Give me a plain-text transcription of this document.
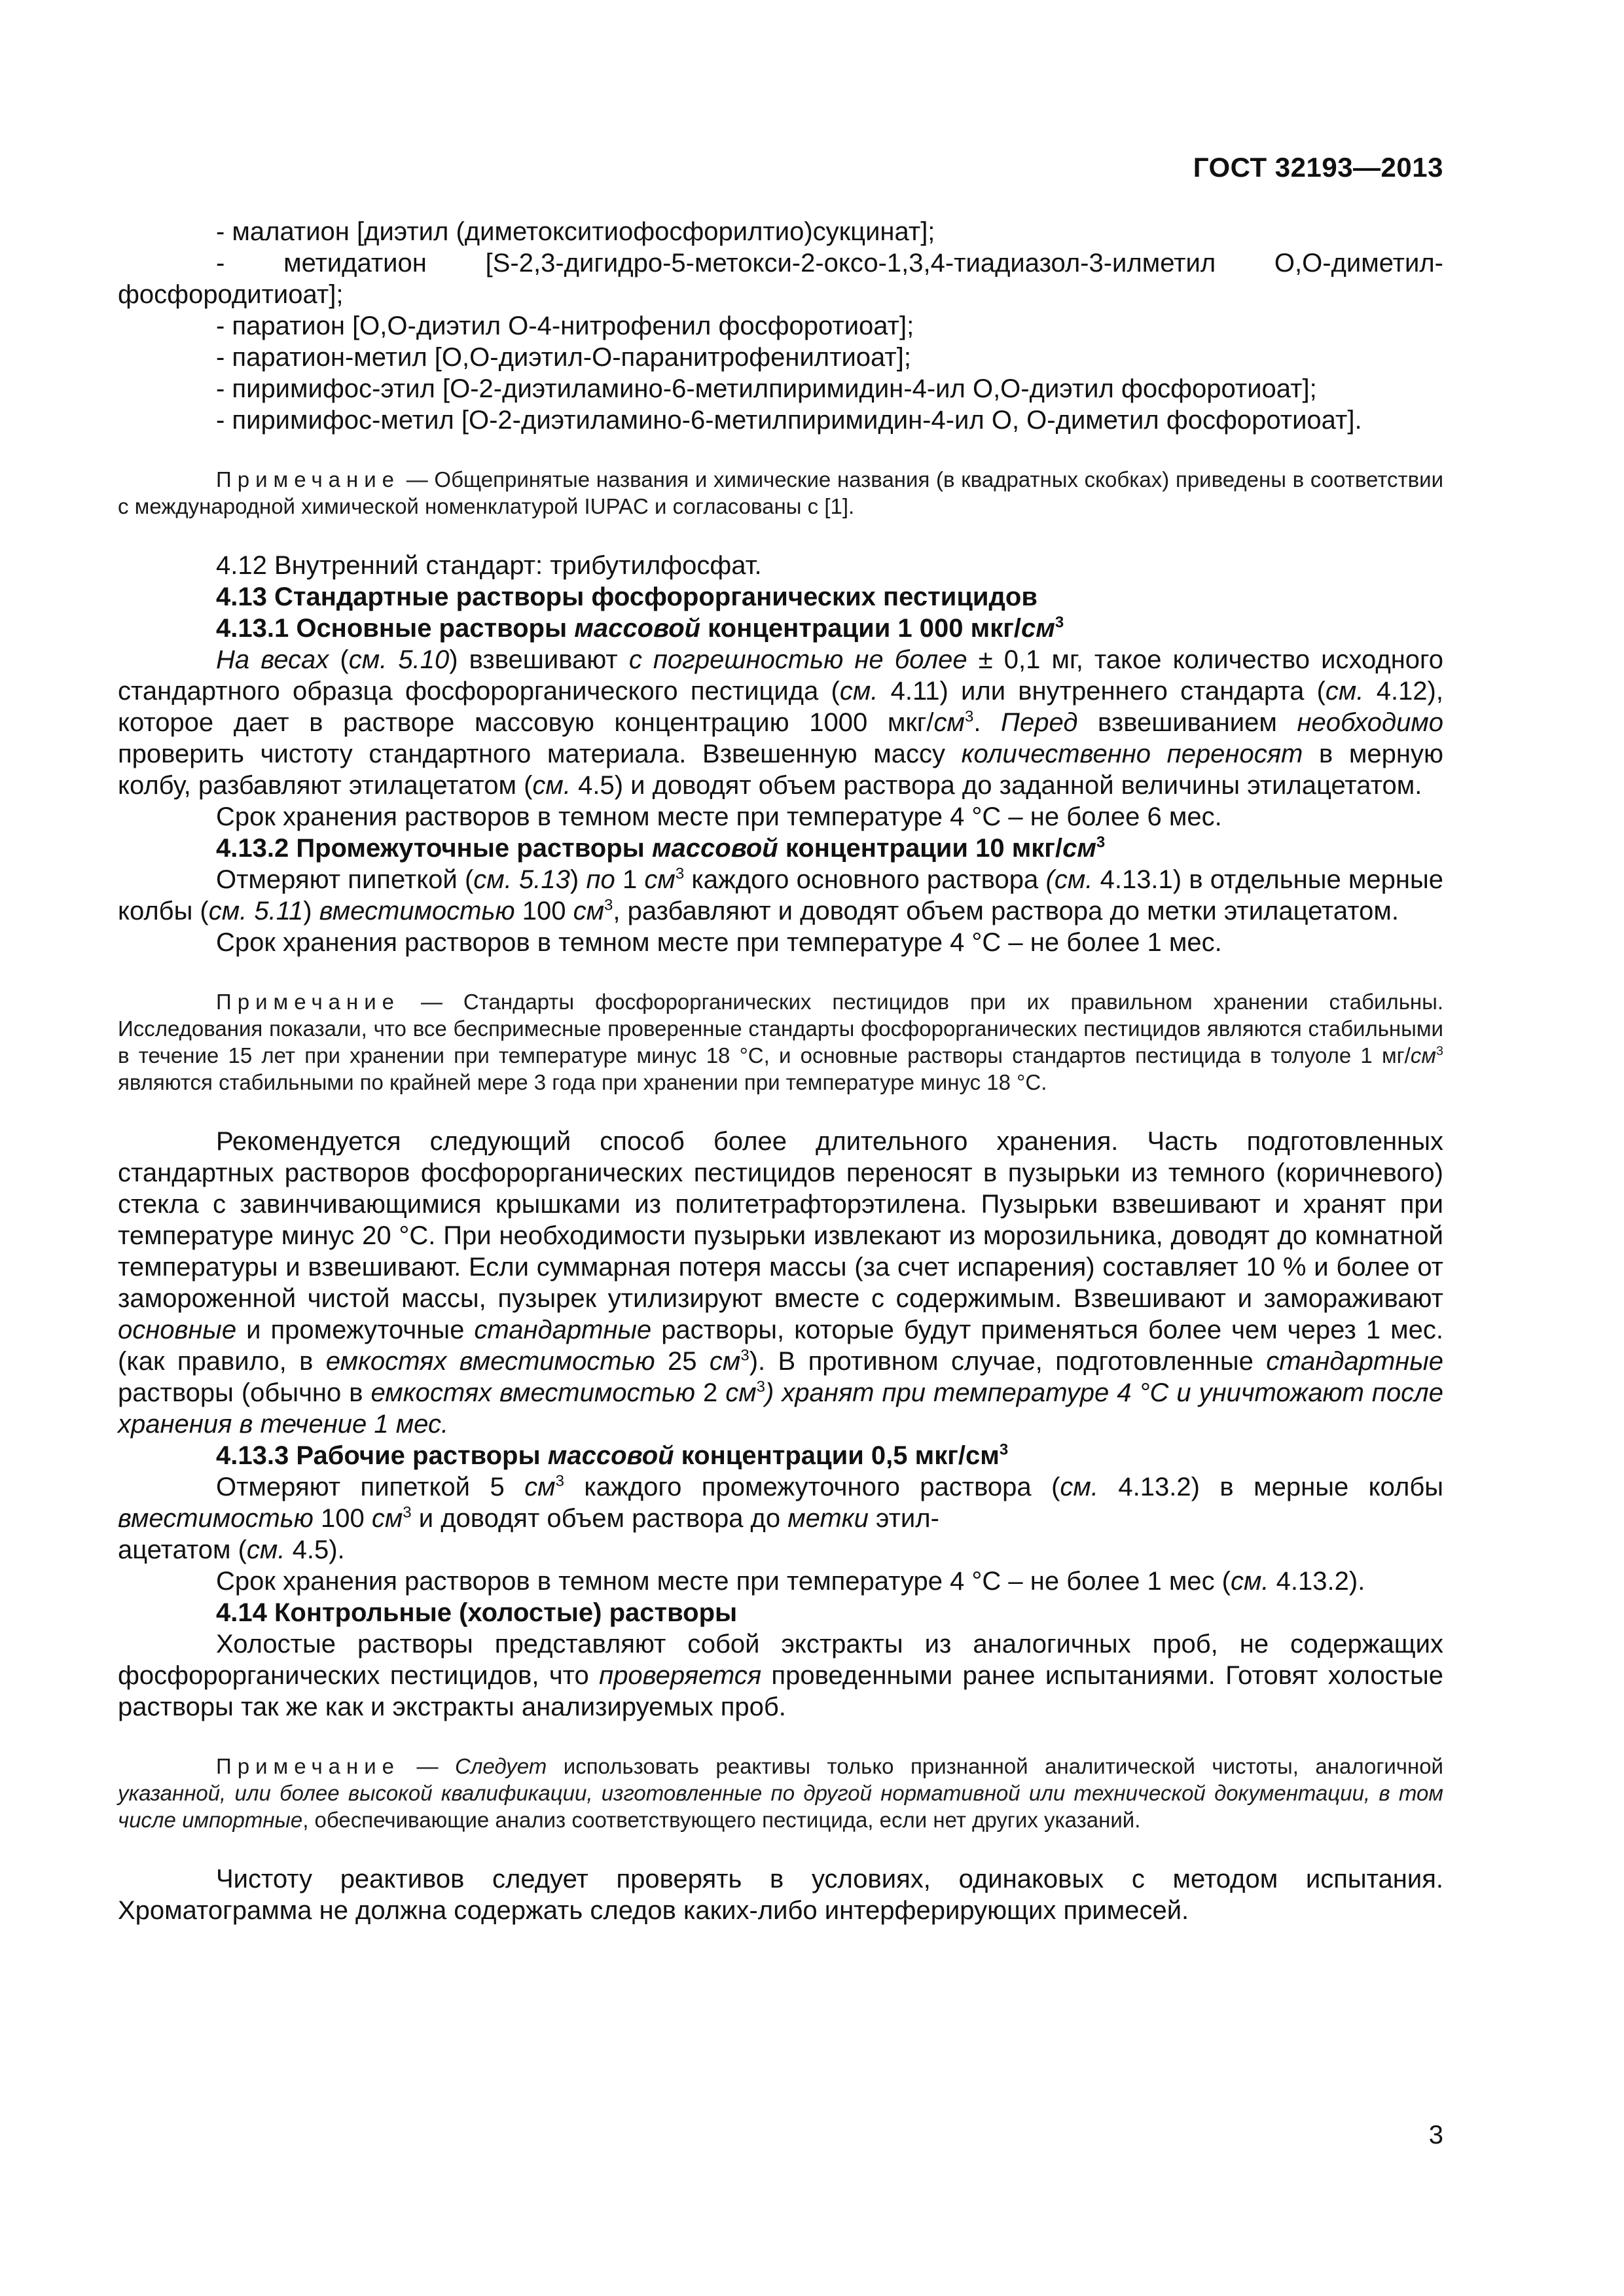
ГОСТ 32193—2013

- малатион [диэтил (диметокситиофосфорилтио)сукцинат];

- метидатион [S-2,3-дигидро-5-метокси-2-оксо-1,3,4-тиадиазол-3-илметил O,O-диметил-фосфородитиоат];

- паратион [O,O-диэтил O-4-нитрофенил фосфоротиоат];

- паратион-метил [O,O-диэтил-O-паранитрофенилтиоат];

- пиримифос-этил [O-2-диэтиламино-6-метилпиримидин-4-ил O,O-диэтил фосфоротиоат];

- пиримифос-метил [O-2-диэтиламино-6-метилпиримидин-4-ил O, O-диметил фосфоротиоат].

Примечание — Общепринятые названия и химические названия (в квадратных скобках) приведены в соответствии с международной химической номенклатурой IUPAC и согласованы с [1].

4.12 Внутренний стандарт: трибутилфосфат.

4.13 Стандартные растворы фосфорорганических пестицидов

4.13.1 Основные растворы массовой концентрации 1 000 мкг/$см^3$

На весах (см. 5.10) взвешивают с погрешностью не более ± 0,1 мг, такое количество исходного стандартного образца фосфорорганического пестицида (см. 4.11) или внутреннего стандарта (см. 4.12), которое дает в растворе массовую концентрацию 1000 мкг/$см^3$. Перед взвешиванием необходимо проверить чистоту стандартного материала. Взвешенную массу количественно переносят в мерную колбу, разбавляют этилацетатом (см. 4.5) и доводят объем раствора до заданной величины этилацетатом.

Срок хранения растворов в темном месте при температуре 4 °С – не более 6 мес.

4.13.2 Промежуточные растворы массовой концентрации 10 мкг/$см^3$

Отмеряют пипеткой (см. 5.13) по 1 $см^3$ каждого основного раствора (см. 4.13.1) в отдельные мерные колбы (см. 5.11) вместимостью 100 $см^3$, разбавляют и доводят объем раствора до метки этилацетатом.

Срок хранения растворов в темном месте при температуре 4 °С – не более 1 мес.

Примечание — Стандарты фосфорорганических пестицидов при их правильном хранении стабильны. Исследования показали, что все беспримесные проверенные стандарты фосфорорганических пестицидов являются стабильными в течение 15 лет при хранении при температуре минус 18 °С, и основные растворы стандартов пестицида в толуоле 1 $мг/см^3$ являются стабильными по крайней мере 3 года при хранении при температуре минус 18 °С.

Рекомендуется следующий способ более длительного хранения. Часть подготовленных стандартных растворов фосфорорганических пестицидов переносят в пузырьки из темного (коричневого) стекла с завинчивающимися крышками из политетрафторэтилена. Пузырьки взвешивают и хранят при температуре минус 20 °С. При необходимости пузырьки извлекают из морозильника, доводят до комнатной температуры и взвешивают. Если суммарная потеря массы (за счет испарения) составляет 10 % и более от замороженной чистой массы, пузырек утилизируют вместе с содержимым. Взвешивают и замораживают основные и промежуточные стандартные растворы, которые будут применяться более чем через 1 мес. (как правило, в емкостях вместимостью 25 $см^3$). В противном случае, подготовленные стандартные растворы (обычно в емкостях вместимостью 2 $см^3$) хранят при температуре 4 °С и уничтожают после хранения в течение 1 мес.

4.13.3 Рабочие растворы массовой концентрации 0,5 мкг/$см^3$

Отмеряют пипеткой 5 $см^3$ каждого промежуточного раствора (см. 4.13.2) в мерные колбы вместимостью 100 $см^3$ и доводят объем раствора до метки этил-

ацетатом (см. 4.5).

Срок хранения растворов в темном месте при температуре 4 °С – не более 1 мес (см. 4.13.2).

4.14 Контрольные (холостые) растворы

Холостые растворы представляют собой экстракты из аналогичных проб, не содержащих фосфорорганических пестицидов, что проверяется проведенными ранее испытаниями. Готовят холостые растворы так же как и экстракты анализируемых проб.

Примечание — Следует использовать реактивы только признанной аналитической чистоты, аналогичной указанной, или более высокой квалификации, изготовленные по другой нормативной или технической документации, в том числе импортные, обеспечивающие анализ соответствующего пестицида, если нет других указаний.

Чистоту реактивов следует проверять в условиях, одинаковых с методом испытания. Хроматограмма не должна содержать следов каких-либо интерферирующих примесей.

3
